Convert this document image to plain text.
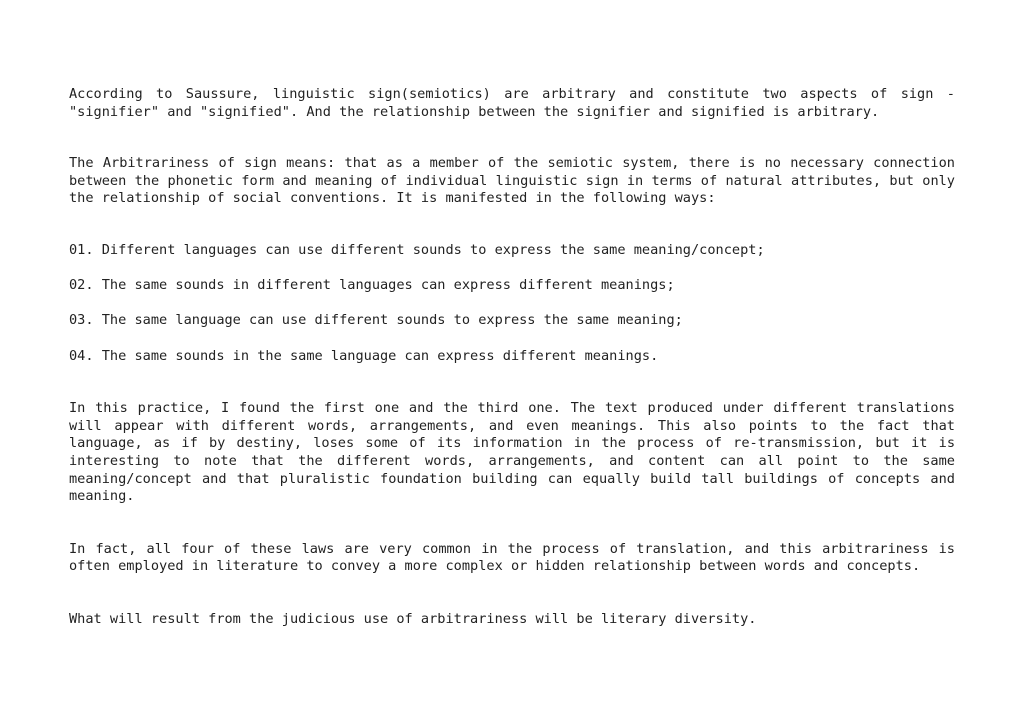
According to Saussure, linguistic sign(semiotics) are arbitrary and constitute two aspects of sign - "signifier" and "signified". And the relationship between the signifier and signified is arbitrary.

The Arbitrariness of sign means: that as a member of the semiotic system, there is no necessary connection between the phonetic form and meaning of individual linguistic sign in terms of natural attributes, but only the relationship of social conventions. It is manifested in the following ways:

01. Different languages can use different sounds to express the same meaning/concept;

02. The same sounds in different languages can express different meanings;

03. The same language can use different sounds to express the same meaning;

04. The same sounds in the same language can express different meanings.

In this practice, I found the first one and the third one. The text produced under different translations will appear with different words, arrangements, and even meanings. This also points to the fact that language, as if by destiny, loses some of its information in the process of re-transmission, but it is interesting to note that the different words, arrangements, and content can all point to the same meaning/concept and that pluralistic foundation building can equally build tall buildings of concepts and meaning.

In fact, all four of these laws are very common in the process of translation, and this arbitrariness is often employed in literature to convey a more complex or hidden relationship between words and concepts.

What will result from the judicious use of arbitrariness will be literary diversity.
